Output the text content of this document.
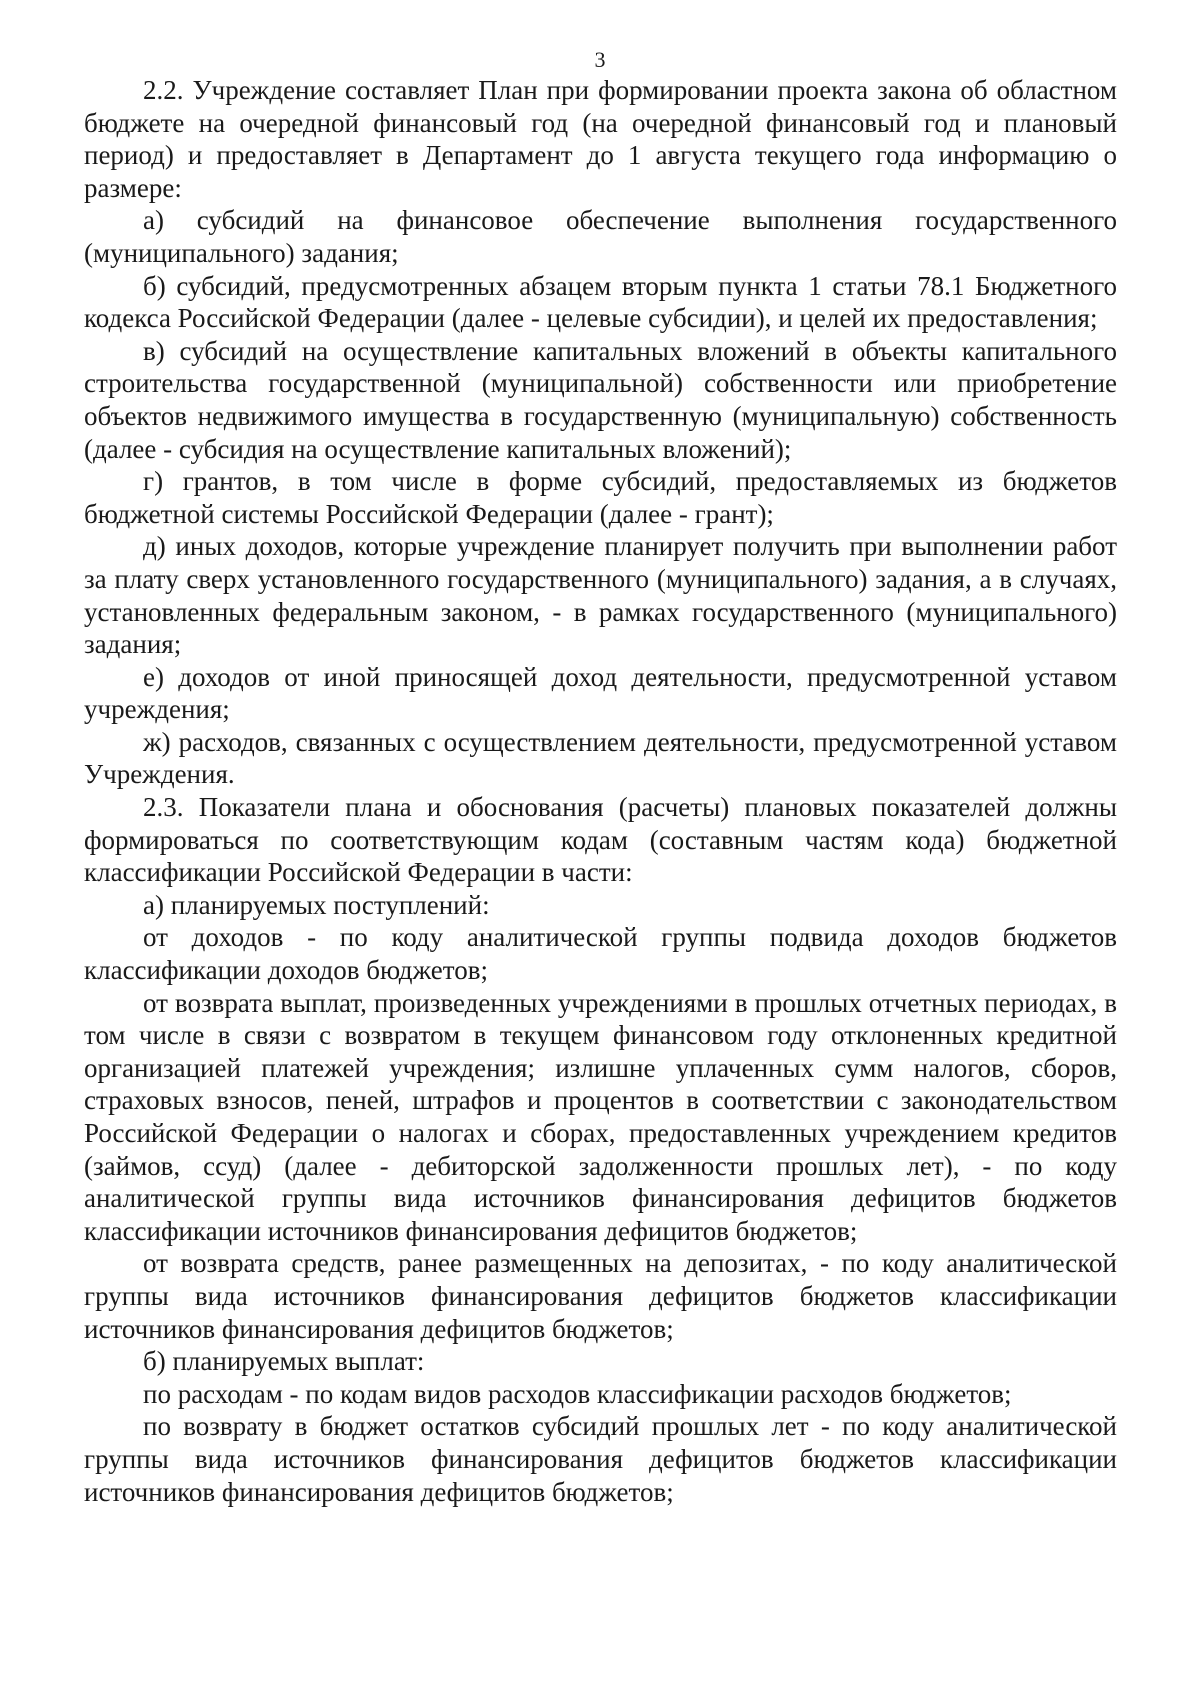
3

2.2. Учреждение составляет План при формировании проекта закона об областном бюджете на очередной финансовый год (на очередной финансовый год и плановый период) и предоставляет в Департамент до 1 августа текущего года информацию о размере:

а) субсидий на финансовое обеспечение выполнения государственного (муниципального) задания;

б) субсидий, предусмотренных абзацем вторым пункта 1 статьи 78.1 Бюджетного кодекса Российской Федерации (далее - целевые субсидии), и целей их предоставления;

в) субсидий на осуществление капитальных вложений в объекты капитального строительства государственной (муниципальной) собственности или приобретение объектов недвижимого имущества в государственную (муниципальную) собственность (далее - субсидия на осуществление капитальных вложений);

г) грантов, в том числе в форме субсидий, предоставляемых из бюджетов бюджетной системы Российской Федерации (далее - грант);

д) иных доходов, которые учреждение планирует получить при выполнении работ за плату сверх установленного государственного (муниципального) задания, а в случаях, установленных федеральным законом, - в рамках государственного (муниципального) задания;

е) доходов от иной приносящей доход деятельности, предусмотренной уставом учреждения;

ж) расходов, связанных с осуществлением деятельности, предусмотренной уставом Учреждения.

2.3. Показатели плана и обоснования (расчеты) плановых показателей должны формироваться по соответствующим кодам (составным частям кода) бюджетной классификации Российской Федерации в части:

а) планируемых поступлений:

от доходов - по коду аналитической группы подвида доходов бюджетов классификации доходов бюджетов;

от возврата выплат, произведенных учреждениями в прошлых отчетных периодах, в том числе в связи с возвратом в текущем финансовом году отклоненных кредитной организацией платежей учреждения; излишне уплаченных сумм налогов, сборов, страховых взносов, пеней, штрафов и процентов в соответствии с законодательством Российской Федерации о налогах и сборах, предоставленных учреждением кредитов (займов, ссуд) (далее - дебиторской задолженности прошлых лет), - по коду аналитической группы вида источников финансирования дефицитов бюджетов классификации источников финансирования дефицитов бюджетов;

от возврата средств, ранее размещенных на депозитах, - по коду аналитической группы вида источников финансирования дефицитов бюджетов классификации источников финансирования дефицитов бюджетов;

б) планируемых выплат:

по расходам - по кодам видов расходов классификации расходов бюджетов;

по возврату в бюджет остатков субсидий прошлых лет - по коду аналитической группы вида источников финансирования дефицитов бюджетов классификации источников финансирования дефицитов бюджетов;
